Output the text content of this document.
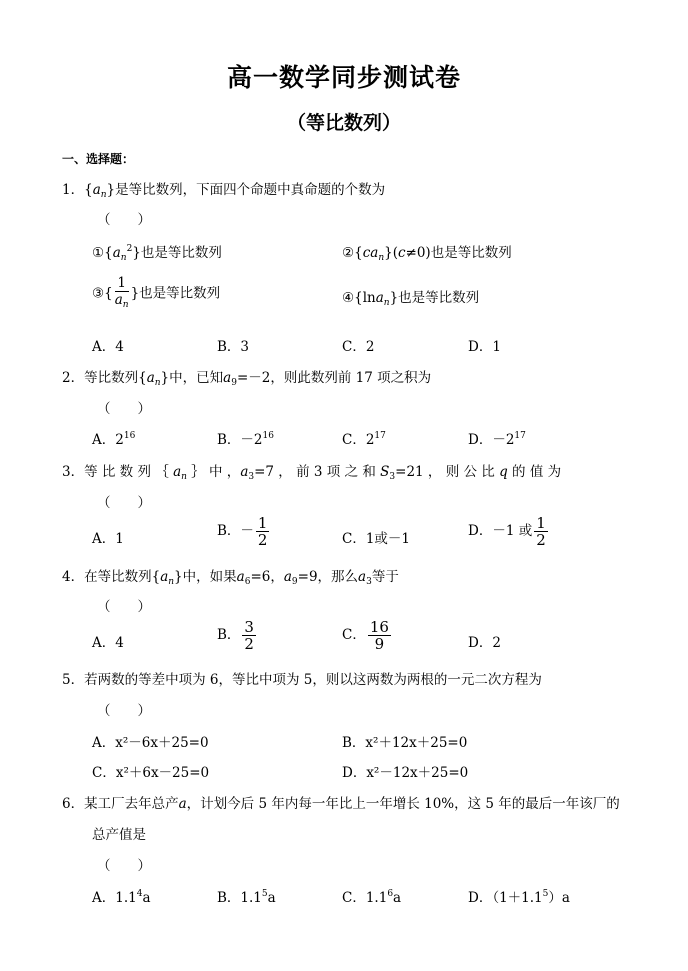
高一数学同步测试卷
（等比数列）
一、选择题：
1．$\{a_n\}$是等比数列，下面四个命题中真命题的个数为
（　　）
$①\{a_n^2\}$也是等比数列	$②\{ca_n\}(c\ne 0)$也是等比数列
③{ $\frac{1}{a_n}$ }也是等比数列	④{lna$_n$}也是等比数列
A．4	B．3	C．2	D．1
2．等比数列$\{a_n\}$中，已知$a_9=-2$，则此数列前 17 项之积为
（　　）
A．$2^{16}$	B．$-2^{16}$	C．$2^{17}$	D．$-2^{17}$
3．等 比 数 列 ｛ $a_n$ ｝ 中 ，$a_3=7$ ， 前 3 项 之 和 $S_3=21$ ， 则 公 比 q 的 值 为
（　　）
A．1	B．－ $\frac{1}{2}$	C．1或－1	D．－1 或 $\frac{1}{2}$
4．在等比数列$\{a_n\}$中，如果$a_6=6$，$a_9=9$，那么$a_3$等于
（　　）
A．4	B． $\frac{3}{2}$	C． $\frac{16}{9}$	D．2
5．若两数的等差中项为 6，等比中项为 5，则以这两数为两根的一元二次方程为
（　　）
A．x²－6x＋25=0	B．x²＋12x＋25=0
C．x²＋6x－25=0	D．x²－12x＋25=0
6．某工厂去年总产a，计划今后 5 年内每一年比上一年增长 10%，这 5 年的最后一年该厂的
总产值是
（　　）
A．$1.1^4a$	B．$1.1^5a$	C．$1.1^6a$	D．$(1+1.1^5)a$
